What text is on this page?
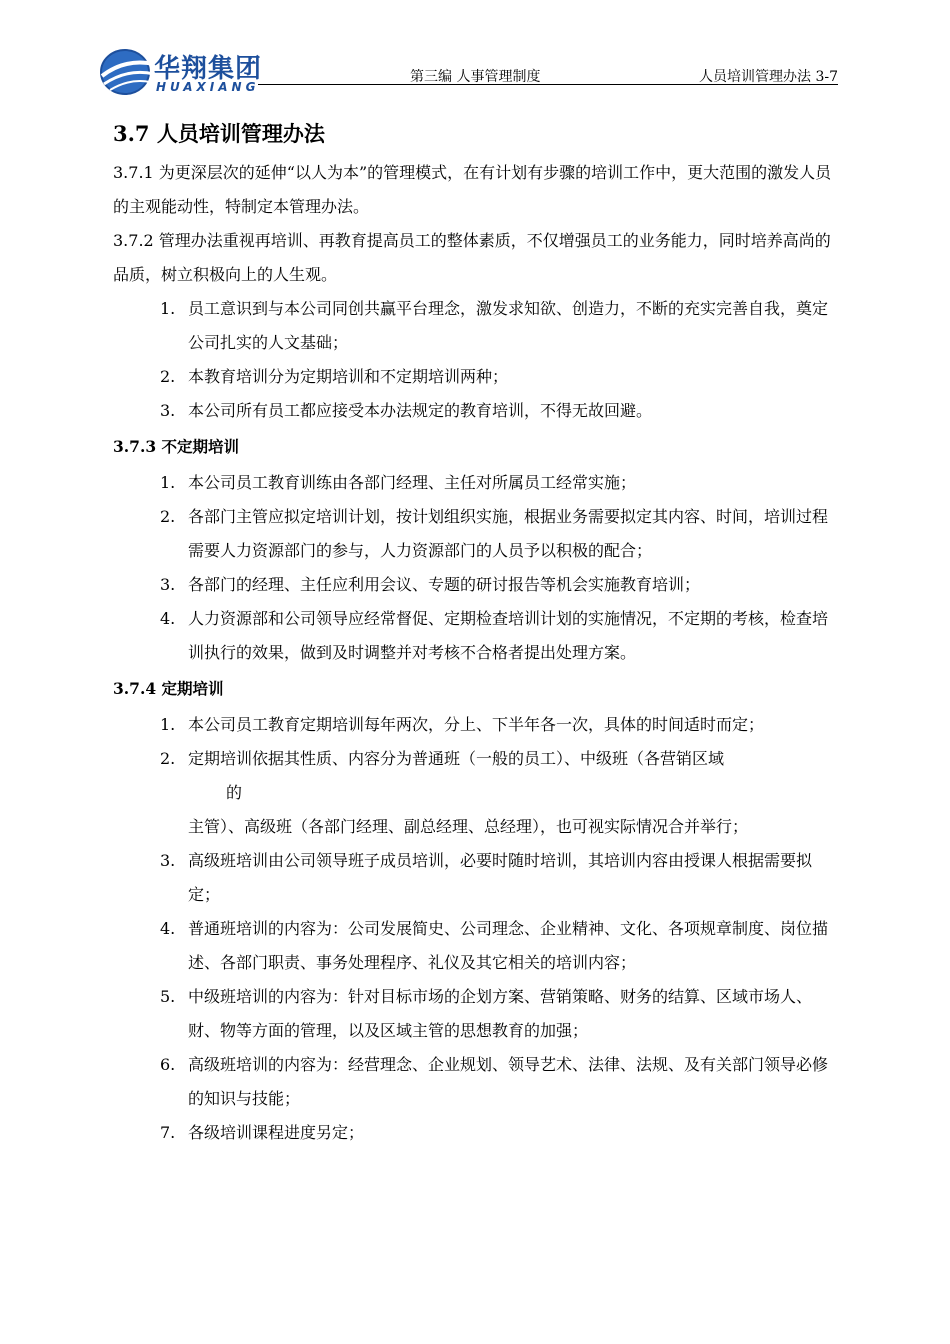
华翔集团
HUAXIANG
第三编 人事管理制度	人员培训管理办法 3-7
3.7 人员培训管理办法

3.7.1 为更深层次的延伸“以人为本”的管理模式，在有计划有步骤的培训工作中，更大范围的激发人员的主观能动性，特制定本管理办法。

3.7.2 管理办法重视再培训、再教育提高员工的整体素质，不仅增强员工的业务能力，同时培养高尚的品质，树立积极向上的人生观。

1. 员工意识到与本公司同创共赢平台理念，激发求知欲、创造力，不断的充实完善自我，奠定公司扎实的人文基础；
2. 本教育培训分为定期培训和不定期培训两种；
3. 本公司所有员工都应接受本办法规定的教育培训，不得无故回避。
3.7.3 不定期培训
1. 本公司员工教育训练由各部门经理、主任对所属员工经常实施；
2. 各部门主管应拟定培训计划，按计划组织实施，根据业务需要拟定其内容、时间，培训过程需要人力资源部门的参与，人力资源部门的人员予以积极的配合；
3. 各部门的经理、主任应利用会议、专题的研讨报告等机会实施教育培训；
4. 人力资源部和公司领导应经常督促、定期检查培训计划的实施情况，不定期的考核，检查培训执行的效果，做到及时调整并对考核不合格者提出处理方案。
3.7.4 定期培训
1. 本公司员工教育定期培训每年两次，分上、下半年各一次，具体的时间适时而定；
2. 定期培训依据其性质、内容分为普通班（一般的员工）、中级班（各营销区域
的
主管）、高级班（各部门经理、副总经理、总经理），也可视实际情况合并举行；
3. 高级班培训由公司领导班子成员培训，必要时随时培训，其培训内容由授课人根据需要拟定；
4. 普通班培训的内容为：公司发展简史、公司理念、企业精神、文化、各项规章制度、岗位描述、各部门职责、事务处理程序、礼仪及其它相关的培训内容；
5. 中级班培训的内容为：针对目标市场的企划方案、营销策略、财务的结算、区域市场人、财、物等方面的管理，以及区域主管的思想教育的加强；
6. 高级班培训的内容为：经营理念、企业规划、领导艺术、法律、法规、及有关部门领导必修的知识与技能；
7. 各级培训课程进度另定；
